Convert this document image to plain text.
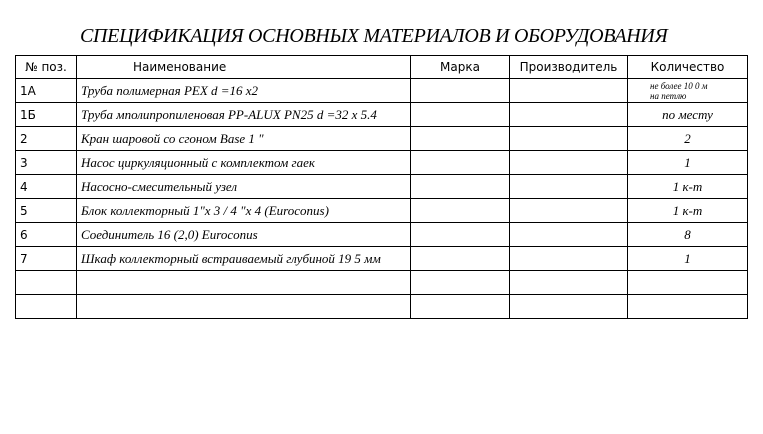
СПЕЦИФИКАЦИЯ ОСНОВНЫХ МАТЕРИАЛОВ И ОБОРУДОВАНИЯ
№ поз.	Наименование	Марка	Производитель	Количество
1А	Труба полимерная PEX d =16 x2			не более 10 0 м
на петлю

1Б	Труба мполипропиленовая PP-ALUX PN25 d =32 x 5.4			по месту
2	Кран шаровой со сгоном Base 1 "			2
3	Насос циркуляционный с комплектом гаек			1
4	Насосно-смесительный узел			1 к-т
5	Блок коллекторный 1"x 3 / 4 "x 4 (Euroconus)			1 к-т
6	Соединитель 16 (2,0) Euroconus			8
7	Шкаф коллекторный встраиваемый глубиной 19 5 мм			1
